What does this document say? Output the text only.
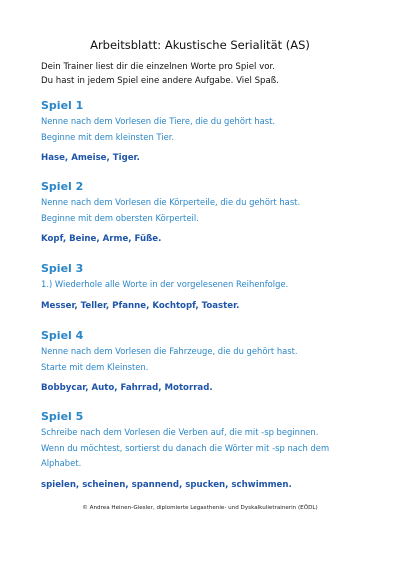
Arbeitsblatt: Akustische Serialität (AS)
Dein Trainer liest dir die einzelnen Worte pro Spiel vor.
Du hast in jedem Spiel eine andere Aufgabe. Viel Spaß.
Spiel 1
Nenne nach dem Vorlesen die Tiere, die du gehört hast.
Beginne mit dem kleinsten Tier.
Hase, Ameise, Tiger.
Spiel 2
Nenne nach dem Vorlesen die Körperteile, die du gehört hast.
Beginne mit dem obersten Körperteil.
Kopf, Beine, Arme, Füße.
Spiel 3
1.) Wiederhole alle Worte in der vorgelesenen Reihenfolge.
Messer, Teller, Pfanne, Kochtopf, Toaster.
Spiel 4
Nenne nach dem Vorlesen die Fahrzeuge, die du gehört hast.
Starte mit dem Kleinsten.
Bobbycar, Auto, Fahrrad, Motorrad.
Spiel 5
Schreibe nach dem Vorlesen die Verben auf, die mit -sp beginnen.
Wenn du möchtest, sortierst du danach die Wörter mit -sp nach dem
Alphabet.
spielen, scheinen, spannend, spucken, schwimmen.
© Andrea Heinen-Giesler, diplomierte Legasthenie- und Dyskalkulietrainerin (EÖDL)
